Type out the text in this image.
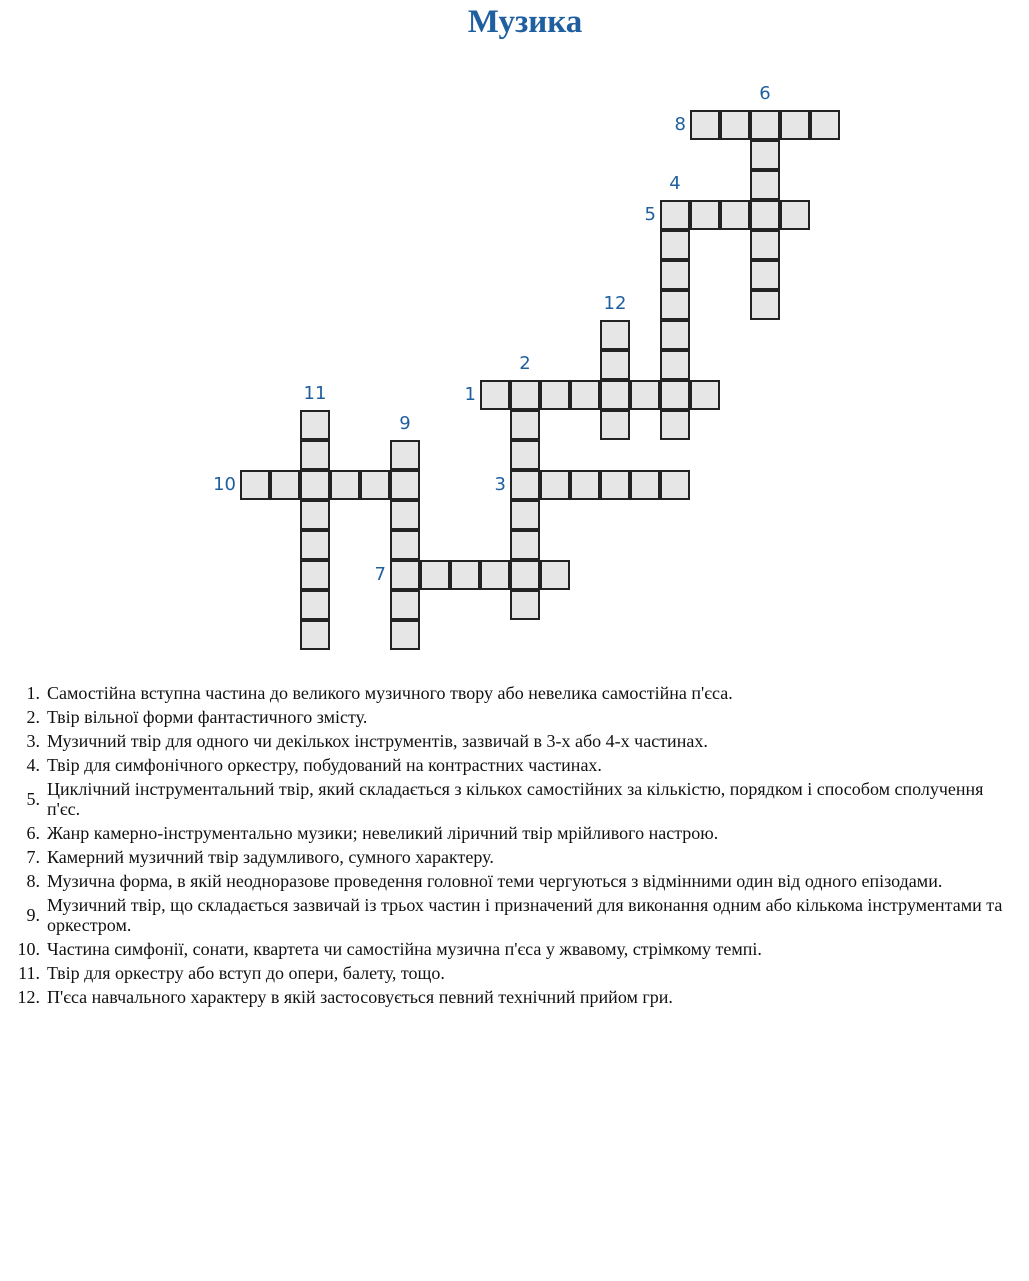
Музика
1
2
3
4
5
6
7
8
9
10
11
12
1. Самостійна вступна частина до великого музичного твору або невелика самостійна п'єса.
2. Твір вільної форми фантастичного змісту.
3. Музичний твір для одного чи декількох інструментів, зазвичай в 3-х або 4-х частинах.
4. Твір для симфонічного оркестру, побудований на контрастних частинах.
5. Циклічний інструментальний твір, який складається з кількох самостійних за кількістю, порядком і способом сполучення п'єс.
6. Жанр камерно-інструментально музики; невеликий ліричний твір мрійливого настрою.
7. Камерний музичний твір задумливого, сумного характеру.
8. Музична форма, в якій неодноразове проведення головної теми чергуються з відмінними один від одного епізодами.
9. Музичний твір, що складається зазвичай із трьох частин і призначений для виконання одним або кількома інструментами та оркестром.
10. Частина симфонії, сонати, квартета чи самостійна музична п'єса у жвавому, стрімкому темпі.
11. Твір для оркестру або вступ до опери, балету, тощо.
12. П'єса навчального характеру в якій застосовується певний технічний прийом гри.
